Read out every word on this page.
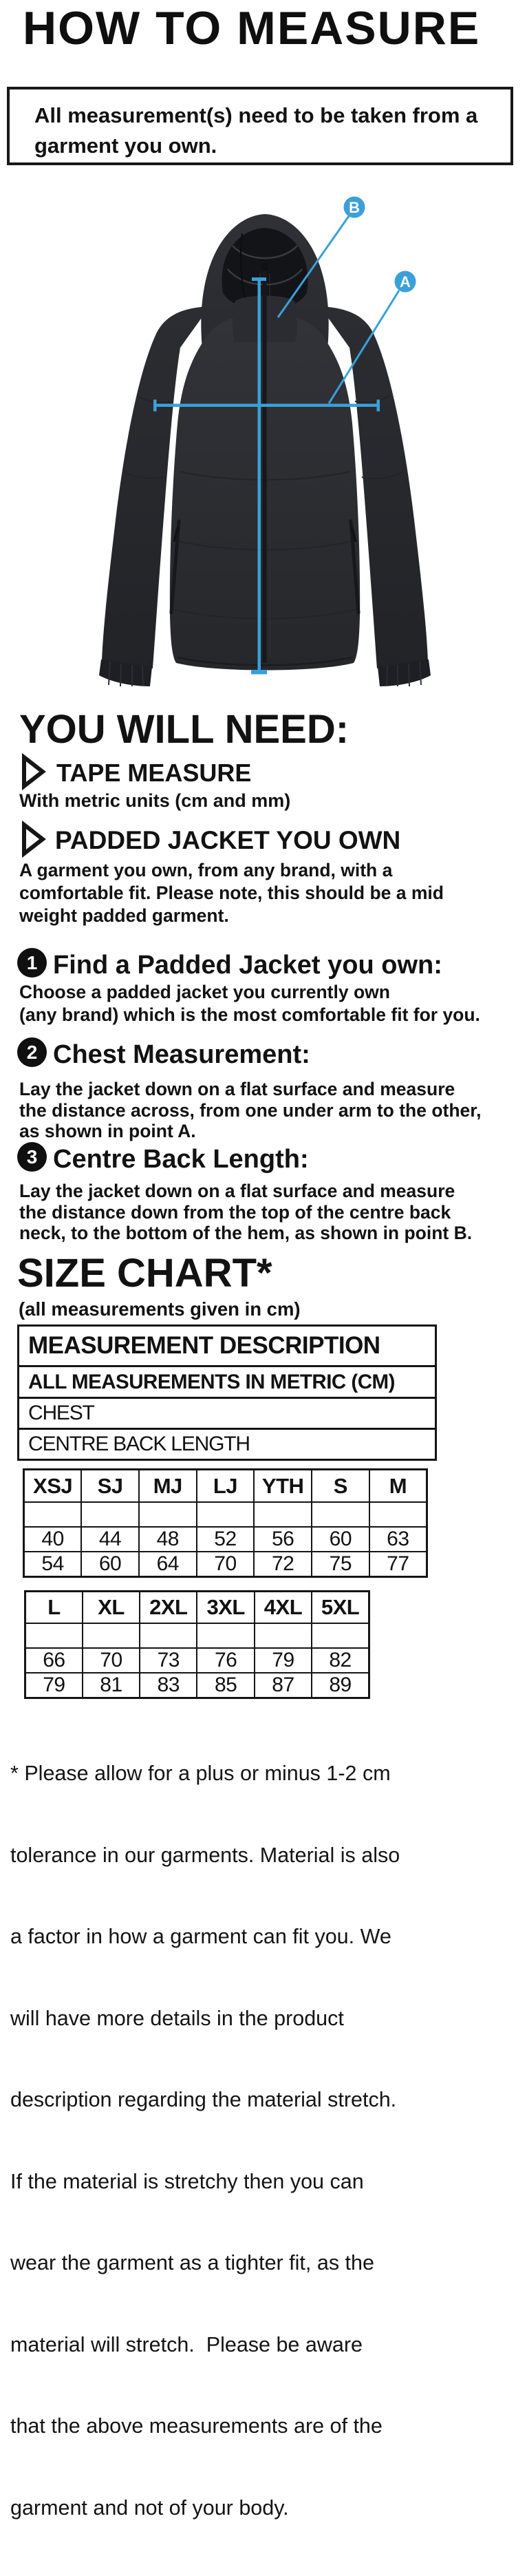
HOW TO MEASURE
All measurement(s) need to be taken from a
garment you own.
B
A
YOU WILL NEED:
TAPE MEASURE
With metric units (cm and mm)
PADDED JACKET YOU OWN
A garment you own, from any brand, with a
comfortable fit. Please note, this should be a mid
weight padded garment.
1 Find a Padded Jacket you own:
Choose a padded jacket you currently own
(any brand) which is the most comfortable fit for you.
2 Chest Measurement:
Lay the jacket down on a flat surface and measure
the distance across, from one under arm to the other,
as shown in point A.
3 Centre Back Length:
Lay the jacket down on a flat surface and measure
the distance down from the top of the centre back
neck, to the bottom of the hem, as shown in point B.
SIZE CHART*
(all measurements given in cm)
MEASUREMENT DESCRIPTION
ALL MEASUREMENTS IN METRIC (CM)
CHEST
CENTRE BACK LENGTH
XSJ	SJ	MJ	LJ	YTH	S	M

40	44	48	52	56	60	63
54	60	64	70	72	75	77
L	XL	2XL	3XL	4XL	5XL

66	70	73	76	79	82
79	81	83	85	87	89

* Please allow for a plus or minus 1-2 cm

tolerance in our garments. Material is also

a factor in how a garment can fit you. We

will have more details in the product

description regarding the material stretch.

If the material is stretchy then you can

wear the garment as a tighter fit, as the

material will stretch.  Please be aware

that the above measurements are of the

garment and not of your body.
